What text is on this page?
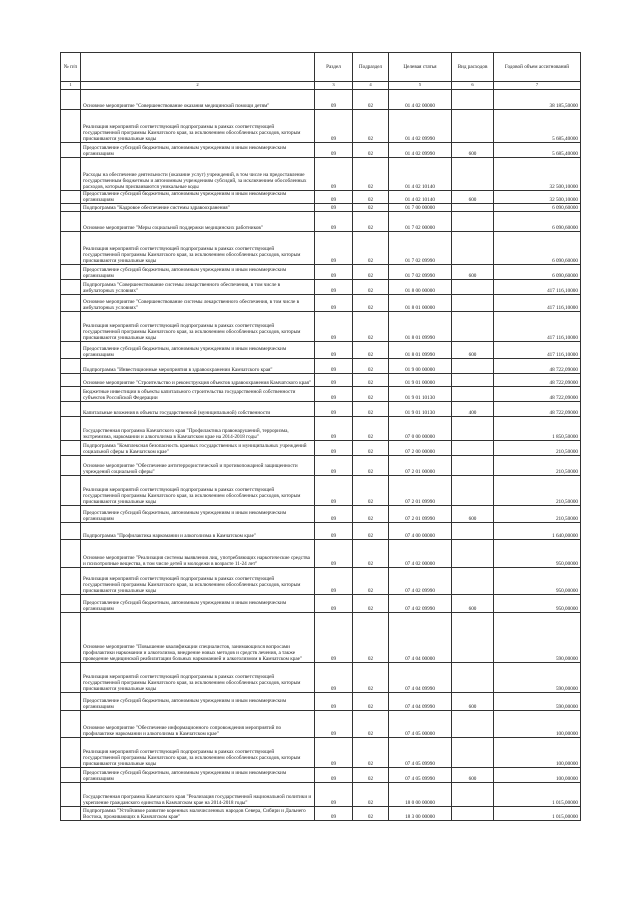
№ п/п		Раздел	Подраздел	Целевая статья	Вид расходов	Годовой объем ассигнований
1	2	3	4	5	6	7
	Основное мероприятие "Совершенствование оказания медицинской помощи детям"	09	02	01 4 02 00000		38 185,50000
	Реализация мероприятий соответствующей подпрограммы в рамках соответствующей государственной программы Камчатского края, за исключением обособленных расходов, которым присваиваются уникальные коды	09	02	01 4 02 09990		5 685,40000
	Предоставление субсидий бюджетным, автономным учреждениям и иным некоммерческим организациям	09	02	01 4 02 09990	600	5 685,40000
	Расходы на обеспечение деятельности (оказание услуг) учреждений, в том числе на предоставление государственным бюджетным и автономным учреждениям субсидий, за исключением обособленных расходов, которым присваиваются уникальные коды	09	02	01 4 02 10140		32 500,10000
	Предоставление субсидий бюджетным, автономным учреждениям и иным некоммерческим организациям	09	02	01 4 02 10140	600	32 500,10000
	Подпрограмма "Кадровое обеспечение системы здравоохранения"	09	02	01 7 00 00000		6 090,60000
	Основное мероприятие "Меры социальной поддержки медицинских работников"	09	02	01 7 02 00000		6 090,60000
	Реализация мероприятий соответствующей подпрограммы в рамках соответствующей государственной программы Камчатского края, за исключением обособленных расходов, которым присваиваются уникальные коды	09	02	01 7 02 09990		6 090,60000
	Предоставление субсидий бюджетным, автономным учреждениям и иным некоммерческим организациям	09	02	01 7 02 09990	600	6 090,60000
	Подпрограмма "Совершенствование системы лекарственного обеспечения, в том числе в амбулаторных условиях"	09	02	01 8 00 00000		417 116,10000
	Основное мероприятие "Совершенствование системы лекарственного обеспечения, в том числе в амбулаторных условиях"	09	02	01 8 01 00000		417 116,10000
	Реализация мероприятий соответствующей подпрограммы в рамках соответствующей государственной программы Камчатского края, за исключением обособленных расходов, которым присваиваются уникальные коды	09	02	01 8 01 09990		417 116,10000
	Предоставление субсидий бюджетным, автономным учреждениям и иным некоммерческим организациям	09	02	01 8 01 09990	600	417 116,10000
	Подпрограмма "Инвестиционные мероприятия в здравоохранении Камчатского края"	09	02	01 9 00 00000		48 722,09000
	Основное мероприятие "Строительство и реконструкция объектов здравоохранения Камчатского края"	09	02	01 9 01 00000		48 722,09000
	Бюджетные инвестиции в объекты капитального строительства государственной собственности субъектов Российской Федерации	09	02	01 9 01 10130		48 722,09000
	Капитальные вложения в объекты государственной (муниципальной) собственности	09	02	01 9 01 10130	400	48 722,09000
	Государственная программа Камчатского края "Профилактика правонарушений, терроризма, экстремизма, наркомании и алкоголизма в Камчатском крае на 2014-2018 годы"	09	02	07 0 00 00000		1 850,50000
	Подпрограмма "Комплексная безопасность краевых государственных и муниципальных учреждений социальной сферы в Камчатском крае"	09	02	07 2 00 00000		210,50000
	Основное мероприятие "Обеспечение антитеррористической и противопожарной защищенности учреждений социальной сферы"	09	02	07 2 01 00000		210,50000
	Реализация мероприятий соответствующей подпрограммы в рамках соответствующей государственной программы Камчатского края, за исключением обособленных расходов, которым присваиваются уникальные коды	09	02	07 2 01 09990		210,50000
	Предоставление субсидий бюджетным, автономным учреждениям и иным некоммерческим организациям	09	02	07 2 01 09990	600	210,50000
	Подпрограмма "Профилактика наркомании и алкоголизма в Камчатском крае"	09	02	07 4 00 00000		1 640,00000
	Основное мероприятие "Реализация системы выявления лиц, употребляющих наркотические средства и психотропные вещества, в том числе детей и молодежи в возрасте 11-24 лет"	09	02	07 4 02 00000		950,00000
	Реализация мероприятий соответствующей подпрограммы в рамках соответствующей государственной программы Камчатского края, за исключением обособленных расходов, которым присваиваются уникальные коды	09	02	07 4 02 09990		950,00000
	Предоставление субсидий бюджетным, автономным учреждениям и иным некоммерческим организациям	09	02	07 4 02 09990	600	950,00000
	Основное мероприятие "Повышение квалификации специалистов, занимающихся вопросами профилактики наркомании и алкоголизма, внедрение новых методов и средств лечения, а также проведение медицинской реабилитации больных наркоманией и алкоголизмом в Камчатском крае"	09	02	07 4 04 00000		590,00000
	Реализация мероприятий соответствующей подпрограммы в рамках соответствующей государственной программы Камчатского края, за исключением обособленных расходов, которым присваиваются уникальные коды	09	02	07 4 04 09990		590,00000
	Предоставление субсидий бюджетным, автономным учреждениям и иным некоммерческим организациям	09	02	07 4 04 09990	600	590,00000
	Основное мероприятие "Обеспечение информационного сопровождения мероприятий по профилактике наркомании и алкоголизма в Камчатском крае"	09	02	07 4 05 00000		100,00000
	Реализация мероприятий соответствующей подпрограммы в рамках соответствующей государственной программы Камчатского края, за исключением обособленных расходов, которым присваиваются уникальные коды	09	02	07 4 05 09990		100,00000
	Предоставление субсидий бюджетным, автономным учреждениям и иным некоммерческим организациям	09	02	07 4 05 09990	600	100,00000
	Государственная программа Камчатского края "Реализация государственной национальной политики и укрепление гражданского единства в Камчатском крае на 2014-2018 годы"	09	02	18 0 00 00000		1 015,00000
	Подпрограмма "Устойчивое развитие коренных малочисленных народов Севера, Сибири и Дальнего Востока, проживающих в Камчатском крае"	09	02	18 3 00 00000		1 015,00000
